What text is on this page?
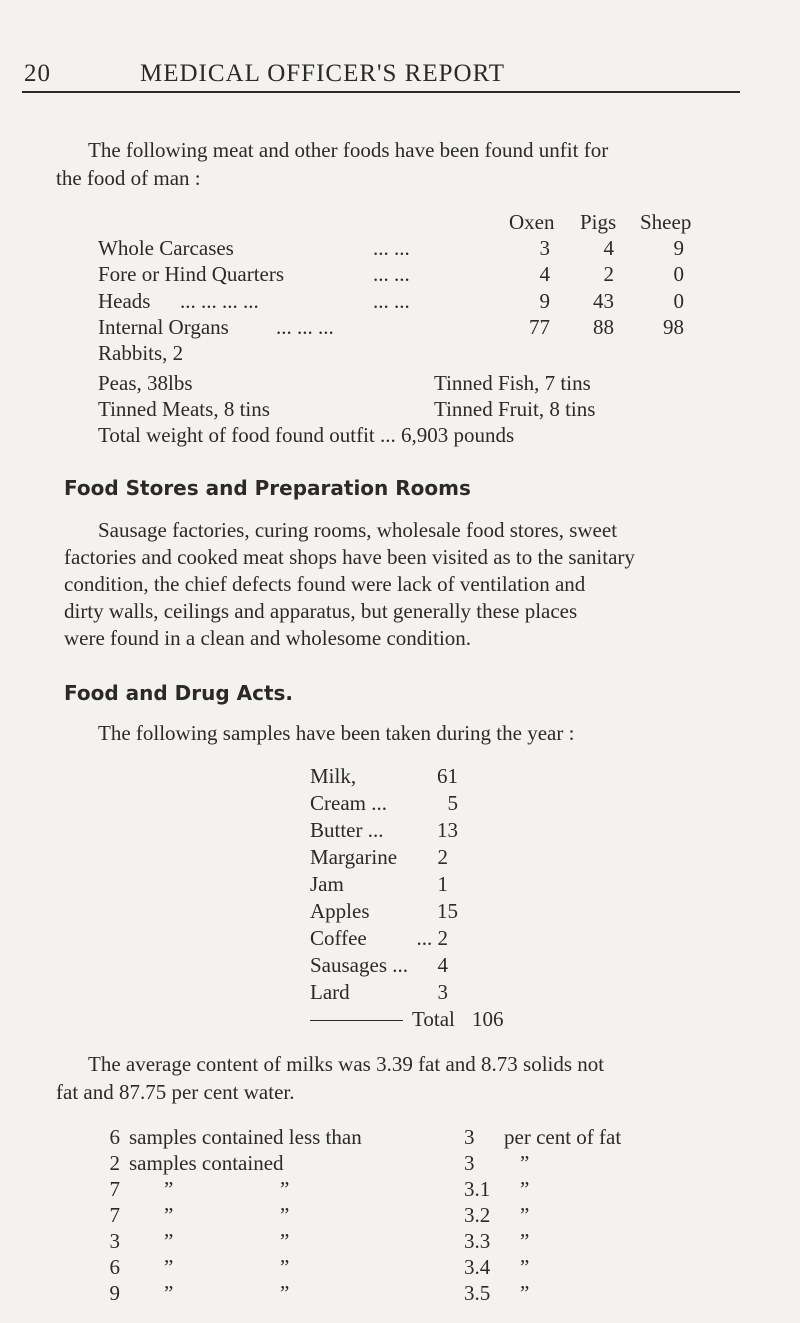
20	MEDICAL OFFICER'S REPORT
The following meat and other foods have been found unfit for
the food of man :
Oxen Pigs Sheep
Whole Carcases	... ...	3	4	9
Fore or Hind Quarters	... ...	4	2	0
Heads ... ... ... ...	... ...	9	43	0
Internal Organs ... ... ...	77	88	98
Rabbits, 2
Peas, 38lbs	Tinned Fish, 7 tins
Tinned Meats, 8 tins	Tinned Fruit, 8 tins
Total weight of food found outfit ... 6,903 pounds
Food Stores and Preparation Rooms
Sausage factories, curing rooms, wholesale food stores, sweet
factories and cooked meat shops have been visited as to the sanitary
condition, the chief defects found were lack of ventilation and
dirty walls, ceilings and apparatus, but generally these places
were found in a clean and wholesome condition.
Food and Drug Acts.
The following samples have been taken during the year :
Milk,	61
Cream ...	5
Butter ...	13
Margarine	2
Jam	1
Apples	15
Coffee	... 2
Sausages ...	4
Lard	3
Total 106
The average content of milks was 3.39 fat and 8.73 solids not
fat and 87.75 per cent water.
6 samples contained less than	3 per cent of fat
2 samples contained	3 ”
7 ”	”	3.1 ”
7 ”	”	3.2 ”
3 ”	”	3.3 ”
6 ”	”	3.4 ”
9 ”	”	3.5 ”
